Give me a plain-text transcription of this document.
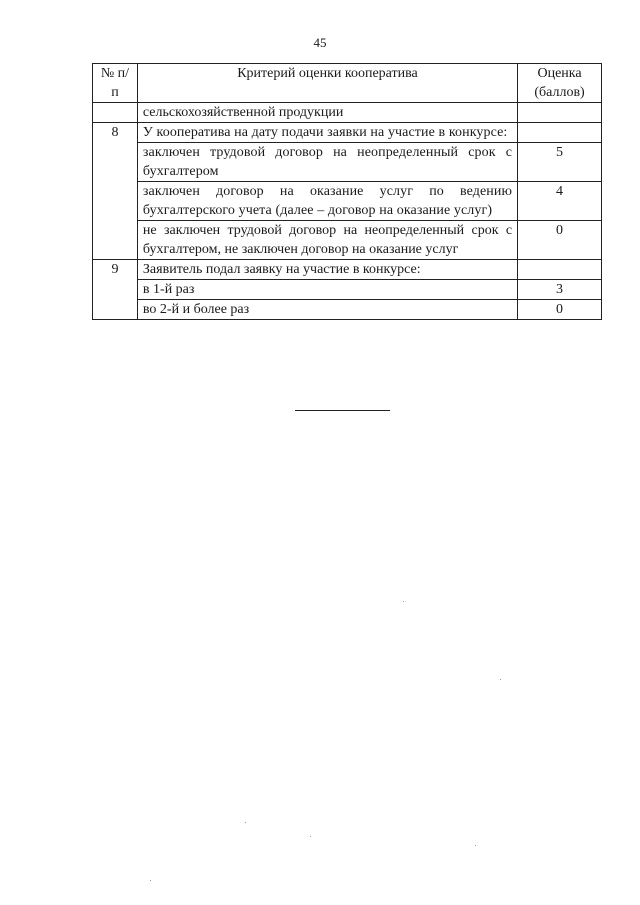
45
№ п/п	Критерий оценки кооператива	Оценка (баллов)
	сельскохозяйственной продукции	
8	У кооператива на дату подачи заявки на участие в конкурсе:	
	заключен трудовой договор на неопределенный срок с бухгалтером	5
	заключен договор на оказание услуг по ведению бухгалтерского учета (далее – договор на оказание услуг)	4
	не заключен трудовой договор на неопределенный срок с бухгалтером, не заключен договор на оказание услуг	0
9	Заявитель подал заявку на участие в конкурсе:	
	в 1-й раз	3
	во 2-й и более раз	0
